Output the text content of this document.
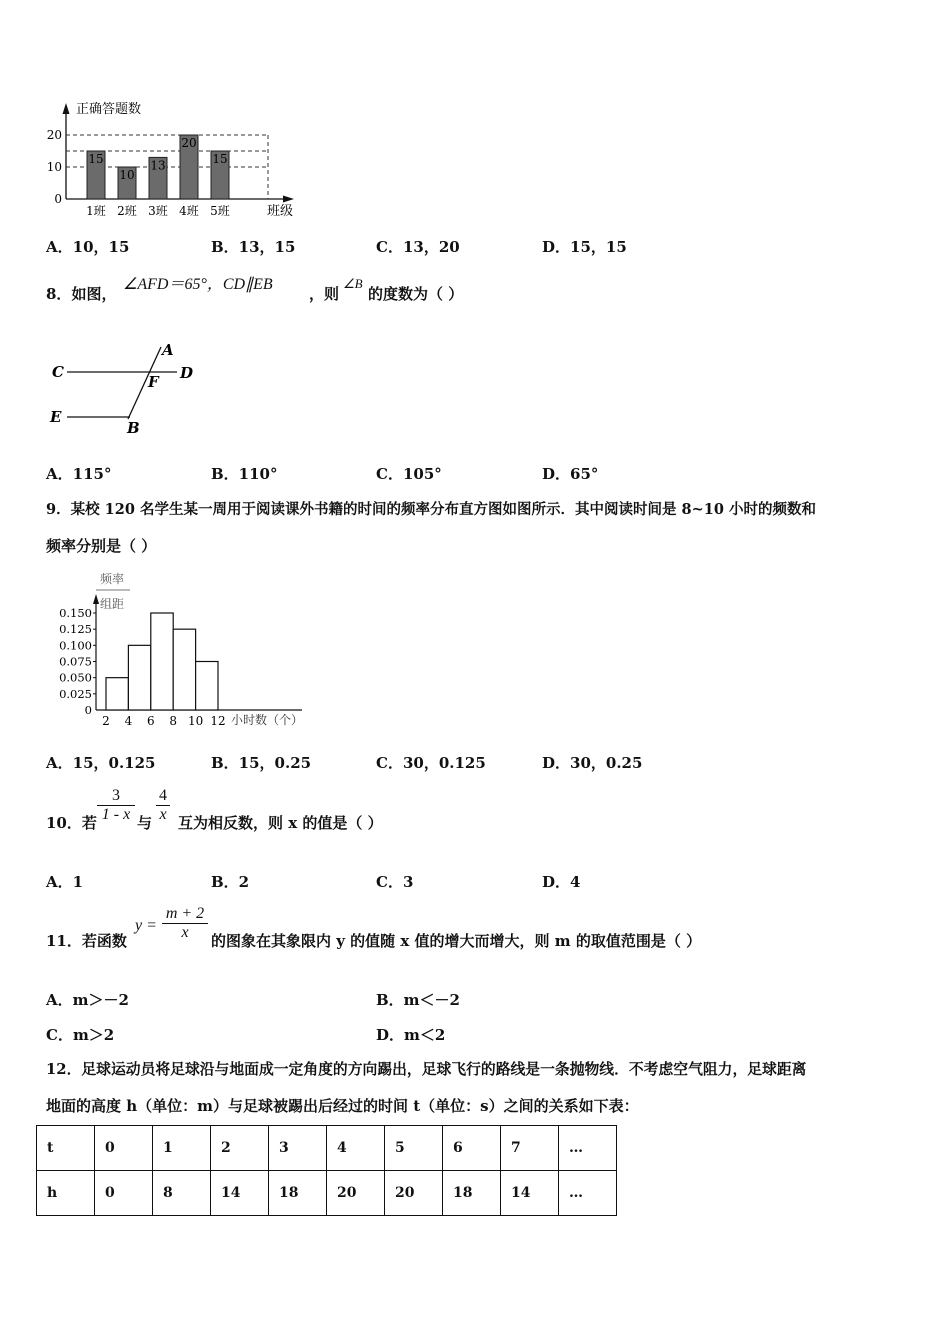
正确答题数
班级
0
10
20
1班 2班 3班 4班 5班
15
10
13
20
15
A．10，15	B．13，15	C．13，20	D．15，15
8．如图，
∠AFD＝65°，CD∥EB
，则
∠B
的度数为（ ）
C	D
A
F
E
B
A．115°	B．110°	C．105°	D．65°
9．某校 120 名学生某一周用于阅读课外书籍的时间的频率分布直方图如图所示．其中阅读时间是 8~10 小时的频数和
频率分别是（ ）
频率
组距
小时数（个）
0
0.025
0.050
0.075
0.100
0.125
0.150
2 4 6 8 10 12
A．15，0.125	B．15，0.25	C．30，0.125	D．30，0.25
10．若
3
1 - x 与
4
x 互为相反数，则 x 的值是（ ）
A．1	B．2	C．3	D．4
11．若函数
y =
m + 2
x	的图象在其象限内 y 的值随 x 值的增大而增大，则 m 的取值范围是（ ）
A．m＞－2	B．m＜－2
C．m＞2	D．m＜2
12．足球运动员将足球沿与地面成一定角度的方向踢出，足球飞行的路线是一条抛物线．不考虑空气阻力，足球距离
地面的高度 h（单位：m）与足球被踢出后经过的时间 t（单位：s）之间的关系如下表：
t	0	1	2	3	4	5	6	7	…
h	0	8	14	18	20	20	18	14	…
